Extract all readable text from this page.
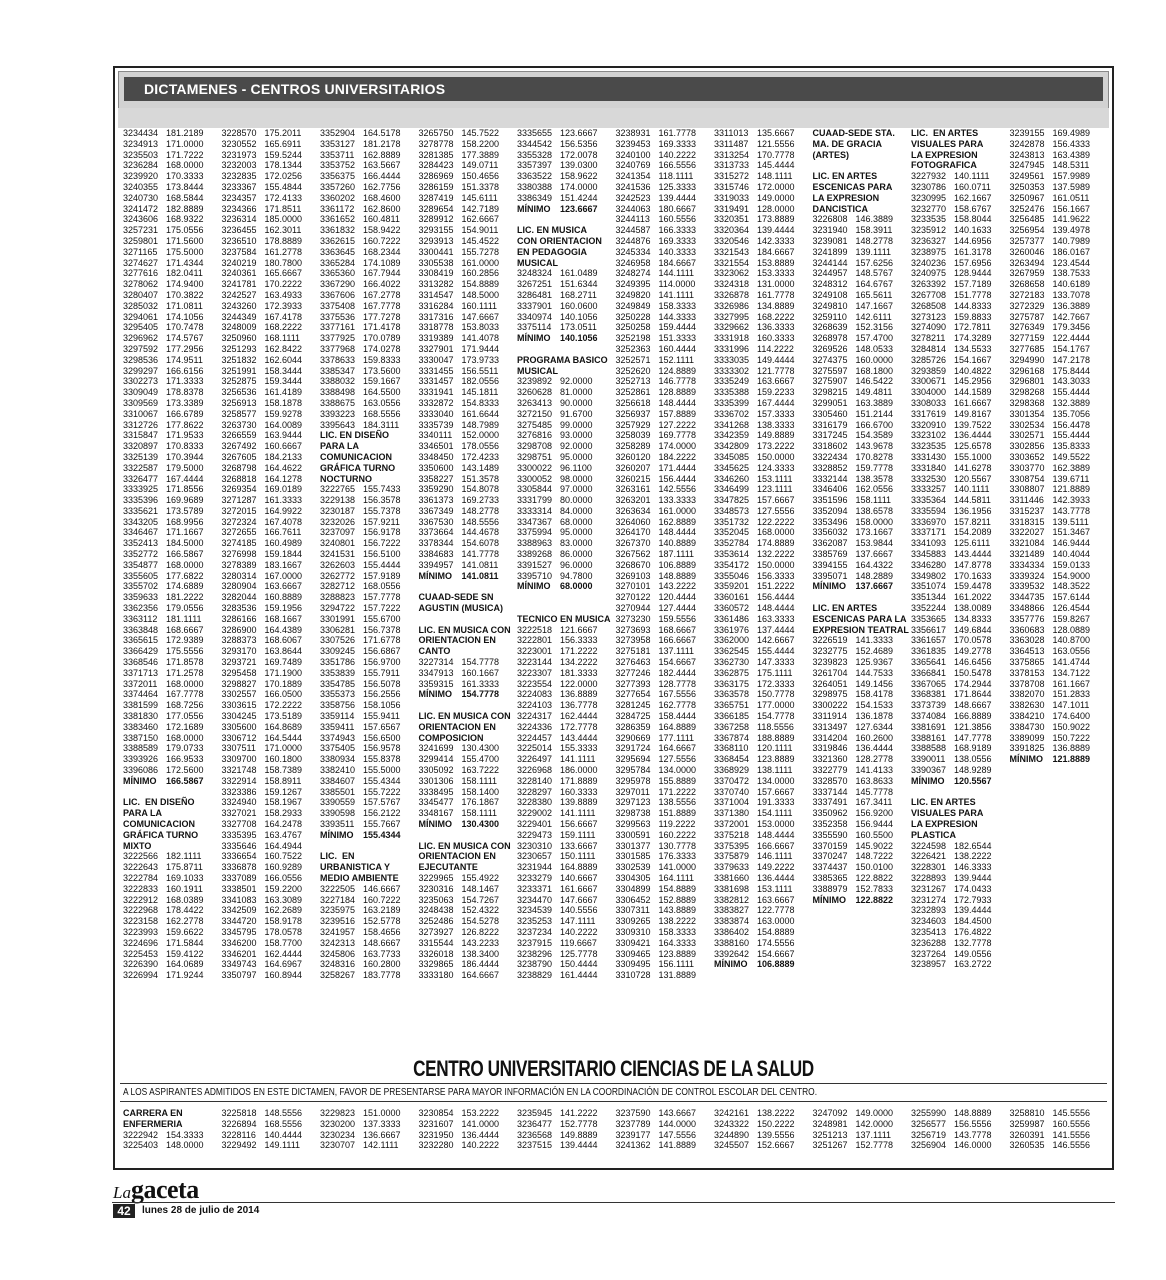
DICTAMENES - CENTROS UNIVERSITARIOS
3234434 181.2189
3234913 171.0000
3235503 171.7222
3236284 168.0000
3239920 170.3333
3240355 173.8444
3240730 168.5844
3241472 182.8889
3243606 168.9322
3257231 175.0556
3259801 171.5600
3271165 175.5000
3274627 171.4344
3277616 182.0411
3278062 174.9400
3280407 170.3822
3285032 171.0811
3294061 174.1056
3295405 170.7478
3296962 174.5767
3297592 177.2956
3298536 174.9511
3299297 166.6156
3302273 171.3333
3309049 178.8378
3309569 173.3389
3310067 166.6789
3312726 177.8622
3315847 171.9533
3320897 170.8333
3325139 170.3944
3322587 179.5000
3326477 167.4444
3333925 171.8556
3335396 169.9689
3335621 173.5789
3343205 168.9956
3346467 171.1667
3352413 184.5000
3352772 166.5867
3354877 168.0000
3355605 177.6822
3355702 174.6889
3359633 181.2222
3362356 179.0556
3363112 181.1111
3363848 168.6667
3365615 172.9389
3366429 175.5556
3368546 171.8578
3371713 171.2578
3372011 168.0000
3374464 167.7778
3381599 168.7256
3381830 177.0556
3383460 172.1689
3387150 168.0000
3388589 179.0733
3393926 166.9533
3396086 172.5600
MÍNIMO 166.5867

LIC.  EN DISEÑO
PARA LA
COMUNICACION
GRÁFICA TURNO
MIXTO
3222566 182.1111
3222643 175.8711
3222784 169.1033
3222833 160.1911
3222912 168.0389
3222968 178.4422
3223158 162.2778
3223993 159.6622
3224696 171.5844
3225453 159.4122
3226390 164.0689
3226994 171.9244
3228570 175.2011
3230552 165.6911
3231973 159.5244
3232003 178.1344
3232835 172.0256
3233367 155.4844
3234357 172.4133
3234366 171.8511
3236314 185.0000
3236455 162.3011
3236510 178.8889
3237584 161.2778
3240219 180.7800
3240361 165.6667
3241781 170.2222
3242527 163.4933
3243260 172.3933
3244349 167.4178
3248009 168.2222
3250960 168.1111
3251293 162.8422
3251832 162.6044
3251991 158.3444
3252875 159.3444
3256536 161.4189
3256913 158.1878
3258577 159.9278
3263730 164.0089
3266559 163.9444
3267492 160.6667
3267605 184.2133
3268798 164.4622
3268818 164.1278
3269354 169.0189
3271287 161.3333
3272015 164.9922
3272324 167.4078
3272655 166.7611
3274185 160.4989
3276998 159.1844
3278389 183.1667
3280314 167.0000
3280904 163.6667
3282044 160.8889
3283536 159.1956
3286166 168.1667
3286900 164.4389
3288373 168.6067
3293170 163.8644
3293721 169.7489
3295458 171.1900
3298827 170.1889
3302557 166.0500
3303615 172.2222
3304245 173.5189
3305600 164.8689
3306712 164.5444
3307511 171.0000
3309700 160.1800
3321748 158.7389
3322914 158.8911
3323386 159.1267
3324940 158.1967
3327021 158.2933
3327708 164.2478
3335395 163.4767
3335646 164.4944
3336654 160.7522
3336878 160.9289
3337089 166.0556
3338501 159.2200
3341083 163.3089
3342509 162.2689
3344720 158.9178
3345795 178.0578
3346200 158.7700
3346201 162.4444
3349743 164.6967
3350797 160.8944
3352904 164.5178
3353127 181.2178
3353711 162.8889
3353752 163.5667
3356375 166.4444
3357260 162.7756
3360202 168.4600
3361172 162.8600
3361652 160.4811
3361832 158.9422
3362615 160.7222
3363645 168.2344
3365284 174.1089
3365360 167.7944
3367290 166.4022
3367606 167.2778
3375408 167.7778
3375536 177.7278
3377161 171.4178
3377925 170.0789
3377968 174.0278
3378633 159.8333
3385347 173.5600
3388032 159.1667
3388498 164.5500
3388675 163.0556
3393223 168.5556
3395643 184.3111
LIC. EN DISEÑO
PARA LA
COMUNICACION
GRÁFICA TURNO
NOCTURNO
3222765 155.7433
3229138 156.3578
3230187 155.7378
3232026 157.9211
3237097 156.9178
3240801 156.7222
3241531 156.5100
3262603 155.4444
3262772 157.9189
3282712 168.0556
3288823 157.7778
3294722 157.7222
3301991 155.6700
3306281 156.7378
3307526 171.6778
3309245 156.6867
3351786 156.9700
3353839 155.7911
3354785 156.5078
3355373 156.2556
3358756 158.1056
3359114 155.9411
3359411 157.6567
3374943 156.6500
3375405 156.9578
3380934 155.8378
3382410 155.5000
3384607 155.4344
3385501 155.7222
3390559 157.5767
3390598 156.2122
3393511 155.7667
MÍNIMO 155.4344

LIC.  EN
URBANISTICA Y
MEDIO AMBIENTE
3222505 146.6667
3227184 160.7222
3235975 163.2189
3239516 152.5778
3241957 158.4656
3242313 148.6667
3245806 163.7733
3248316 160.2800
3258267 183.7778
3265750 145.7522
3278778 158.2200
3281385 177.3889
3284423 149.0711
3286969 150.4656
3286159 151.3378
3287419 145.6111
3289654 142.7189
3289912 162.6667
3293155 154.9011
3293913 145.4522
3300441 155.7278
3305538 161.0000
3308419 160.2856
3313282 154.8889
3314547 148.5000
3316284 160.1111
3317316 147.6667
3318778 153.8033
3319389 141.4078
3327901 171.9444
3330047 173.9733
3331455 156.5511
3331457 182.0556
3331941 145.1811
3332872 154.8333
3333040 161.6644
3335739 148.7989
3340111 152.0000
3346501 178.0556
3348450 172.4233
3350600 143.1489
3358227 151.3578
3359290 154.8078
3361373 169.2733
3367349 148.2778
3367530 148.5556
3373664 144.4678
3378344 154.6078
3384683 141.7778
3394957 141.0811
MÍNIMO 141.0811

CUAAD-SEDE SN
AGUSTIN (MUSICA)

LIC. EN MUSICA CON
ORIENTACION EN
CANTO
3227314 154.7778
3347913 160.1667
3359315 161.3333
MÍNIMO 154.7778

LIC. EN MUSICA CON
ORIENTACION EN
COMPOSICION
3241699 130.4300
3299414 155.4700
3305092 163.7222
3301306 158.1111
3338495 158.1400
3345477 176.1867
3348167 158.1111
MÍNIMO 130.4300

LIC. EN MUSICA CON
ORIENTACION EN
EJECUTANTE
3229965 155.4922
3230316 148.1467
3235063 154.7267
3248438 152.4322
3252486 154.5278
3273927 126.8222
3315544 143.2233
3326018 138.3400
3329865 186.4444
3333180 164.6667
3335655 123.6667
3344542 156.5356
3355328 172.0078
3357397 139.0300
3363522 158.9622
3380388 174.0000
3386349 151.4244
MÍNIMO 123.6667

LIC. EN MUSICA
CON ORIENTACION
EN PEDAGOGIA
MUSICAL
3248324 161.0489
3267251 151.6344
3286481 168.2711
3337901 160.0600
3340974 140.1056
3375114 173.0511
MÍNIMO 140.1056

PROGRAMA BASICO
MUSICAL
3239892 92.0000
3260628 81.0000
3263413 90.0000
3272150 91.6700
3275485 99.0000
3276816 93.0000
3298708 92.0000
3298751 95.0000
3300022 96.1100
3300052 98.0000
3305844 97.0000
3331799 80.0000
3333314 84.0000
3347367 68.0000
3375994 95.0000
3388963 83.0000
3389268 86.0000
3391527 96.0000
3395710 94.7800
MÍNIMO 68.0000

TECNICO EN MUSICA
3222518 121.6667
3222801 156.3333
3223001 171.2222
3223144 134.2222
3223307 181.3333
3223554 122.0000
3224083 136.8889
3224103 136.7778
3224317 162.4444
3224336 172.7778
3224457 143.4444
3225014 155.3333
3226497 141.1111
3226968 186.0000
3228140 171.8889
3228297 160.3333
3228380 139.8889
3229002 141.1111
3229401 156.6667
3229473 159.1111
3230310 133.6667
3230657 150.1111
3231944 164.8889
3233279 140.6667
3233371 161.6667
3234470 147.6667
3234539 140.5556
3235253 147.1111
3237234 140.2222
3237915 119.6667
3238296 125.7778
3238790 150.4444
3238829 161.4444
3238931 161.7778
3239453 169.3333
3240100 140.2222
3240769 166.5556
3241354 118.1111
3241536 125.3333
3242523 139.4444
3244063 180.6667
3244113 160.5556
3244587 166.3333
3244876 169.3333
3245334 140.3333
3246958 184.6667
3248274 144.1111
3249395 114.0000
3249820 141.1111
3249849 158.3333
3250228 144.3333
3250258 159.4444
3252198 151.3333
3252363 160.4444
3252571 152.1111
3252620 124.8889
3252713 146.7778
3252861 128.8889
3256618 148.4444
3256937 157.8889
3257929 127.2222
3258039 169.7778
3258289 174.0000
3260120 184.2222
3260207 171.4444
3260215 156.4444
3263161 142.5556
3263201 133.3333
3263634 161.0000
3264060 162.8889
3264170 148.4444
3267370 140.8889
3267562 187.1111
3268670 106.8889
3269103 148.8889
3270101 143.2222
3270122 120.4444
3270944 127.4444
3273230 159.5556
3273693 168.6667
3273958 166.6667
3275181 137.1111
3276463 154.6667
3277246 182.4444
3277393 128.7778
3277654 167.5556
3281245 162.7778
3284725 158.4444
3286359 164.8889
3290669 177.1111
3291724 164.6667
3295694 127.5556
3295784 134.0000
3295978 155.8889
3297011 171.2222
3297123 138.5556
3298738 151.8889
3299563 119.2222
3300591 160.2222
3301377 130.7778
3301585 176.3333
3302539 141.0000
3304305 164.1111
3304899 154.8889
3306452 152.8889
3307311 143.8889
3309265 138.2222
3309310 158.3333
3309421 164.3333
3309465 123.8889
3309495 156.1111
3310728 131.8889
3311013 135.6667
3311487 121.5556
3313254 170.7778
3313733 145.4444
3315272 148.1111
3315746 172.0000
3319033 149.0000
3319491 128.0000
3320351 173.8889
3320364 139.4444
3320546 142.3333
3321543 184.6667
3321554 153.8889
3323062 153.3333
3324318 131.0000
3326878 161.7778
3326986 134.8889
3327995 168.2222
3329662 136.3333
3331918 160.3333
3331996 114.2222
3333035 149.4444
3333302 121.7778
3335249 163.6667
3335388 159.2233
3335399 167.4444
3336702 157.3333
3341268 138.3333
3342359 149.8889
3342809 173.2222
3345085 150.0000
3345625 124.3333
3346260 153.1111
3346499 123.1111
3347825 157.6667
3348573 127.5556
3351732 122.2222
3352045 168.0000
3352784 174.8889
3353614 132.2222
3354172 150.0000
3355046 156.3333
3359201 151.2222
3360161 156.4444
3360572 148.4444
3361486 163.3333
3361976 137.4444
3362000 142.6667
3362545 155.4444
3362730 147.3333
3362875 175.1111
3363175 172.3333
3363578 150.7778
3365751 177.0000
3366185 154.7778
3367258 118.5556
3367874 188.8889
3368110 120.1111
3368454 123.8889
3368929 138.1111
3370472 134.0000
3370740 157.6667
3371004 191.3333
3371380 154.1111
3372001 153.0000
3375218 148.4444
3375395 166.6667
3375879 146.1111
3379633 149.2222
3381660 136.4444
3381698 153.1111
3382812 163.6667
3383827 122.7778
3383874 163.0000
3386402 154.8889
3388160 174.5556
3392642 154.6667
MÍNIMO 106.8889
CUAAD-SEDE STA.
MA. DE GRACIA
(ARTES)

LIC. EN ARTES
ESCENICAS PARA
LA EXPRESION
DANCISTICA
3226808 146.3889
3231940 158.3911
3239081 148.2778
3241899 139.1111
3244144 157.6256
3244957 148.5767
3248312 164.6767
3249108 165.5611
3249810 147.1667
3259110 142.6111
3268639 152.3156
3268978 157.4700
3269526 148.0533
3274375 160.0000
3275597 168.1800
3275907 146.5422
3298215 149.4811
3299051 163.3889
3305460 151.2144
3316179 166.6700
3317245 154.3589
3318602 143.9678
3322434 170.8278
3328852 159.7778
3332144 138.3578
3346406 162.0556
3351596 158.1111
3352094 138.6578
3353496 158.0000
3356032 173.1667
3362087 153.9844
3385769 137.6667
3394155 164.4322
3395071 148.2889
MÍNIMO 137.6667

LIC. EN ARTES
ESCENICAS PARA LA
EXPRESION TEATRAL
3226519 141.3333
3232775 152.4689
3239823 125.9367
3261704 144.7533
3264051 149.1456
3298975 158.4178
3300222 154.1533
3311914 136.1878
3313497 127.6344
3314204 160.2600
3319846 136.4444
3321360 128.2778
3322779 141.4133
3328570 163.8633
3337144 145.7778
3337491 167.3411
3350962 156.9200
3352358 156.9444
3355590 160.5500
3370159 145.9022
3370247 148.7222
3374437 150.0100
3385365 122.8822
3388979 152.7833
MÍNIMO 122.8822
LIC.  EN ARTES
VISUALES PARA
LA EXPRESION
FOTOGRAFICA
3227932 140.1111
3230786 160.0711
3230995 162.1667
3232770 158.6767
3233535 158.8044
3235912 140.1633
3236327 144.6956
3238975 161.3178
3240236 157.6956
3240975 128.9444
3263392 157.7189
3267708 151.7778
3268508 144.8333
3273123 159.8833
3274090 172.7811
3278211 174.3289
3284814 134.5533
3285726 154.1667
3293859 140.4822
3300671 145.2956
3304000 144.1589
3308033 161.6667
3317619 149.8167
3320910 139.7522
3323102 136.4444
3323535 125.6578
3331430 155.1000
3331840 141.6278
3332530 120.5567
3333257 140.1111
3335364 144.5811
3335594 136.1956
3336970 157.8211
3337171 154.2089
3341093 125.6111
3345883 143.4444
3346280 147.8778
3349802 170.1633
3351074 159.4478
3351344 161.2022
3352244 138.0089
3353665 134.8333
3356617 149.6844
3361657 170.0578
3361835 149.2778
3365641 146.6456
3366841 150.5478
3367065 174.2944
3368381 171.8644
3373739 148.6667
3374084 166.8889
3381691 121.3856
3388161 147.7778
3388588 168.9189
3390011 138.0556
3390367 148.9289
MÍNIMO 120.5567

LIC. EN ARTES
VISUALES PARA
LA EXPRESION
PLASTICA
3224598 182.6544
3226421 138.2222
3228301 146.3333
3228893 139.9444
3231267 174.0433
3231274 172.7933
3232893 139.4444
3234603 184.4500
3235413 176.4822
3236288 132.7778
3237264 149.0556
3238957 163.2722
3239155 169.4989
3242878 156.4333
3243813 163.4389
3247945 148.5311
3249561 157.9989
3250353 137.5989
3250967 161.0511
3252476 156.1667
3256485 141.9622
3256954 139.4978
3257377 140.7989
3260046 186.0167
3263494 123.4544
3267959 138.7533
3268658 140.6189
3272183 133.7078
3272329 136.3889
3275787 142.7667
3276349 179.3456
3277159 122.4444
3277685 154.1767
3294990 147.2178
3296168 175.8444
3296801 143.3033
3298268 155.4444
3298368 132.3889
3301354 135.7056
3302534 156.4478
3302571 155.4444
3302856 135.8333
3303652 149.5522
3303770 162.3889
3308754 139.6711
3308807 121.8889
3311446 142.3933
3315237 143.7778
3318315 139.5111
3322027 151.3467
3321084 146.9444
3321489 140.4044
3334334 159.0133
3339324 154.9000
3339532 148.3522
3344735 157.6144
3348866 126.4544
3357776 159.8267
3360683 128.0889
3363028 140.8700
3364513 163.0556
3375865 141.4744
3378153 134.7122
3378708 161.1667
3382070 151.2833
3382630 147.1011
3384210 174.6400
3384730 150.9022
3389099 150.7222
3391825 136.8889
MÍNIMO 121.8889
CENTRO UNIVERSITARIO CIENCIAS DE LA SALUD
A LOS ASPIRANTES ADMITIDOS EN ESTE DICTAMEN, FAVOR DE PRESENTARSE PARA MAYOR INFORMACIÓN EN LA COORDINACIÓN DE CONTROL ESCOLAR DEL CENTRO.
CARRERA EN
ENFERMERIA
3222942 154.3333
3225403 148.0000
3225818 148.5556
3226894 168.5556
3228116 140.4444
3229492 149.1111
3229823 151.0000
3230200 137.3333
3230234 136.6667
3230707 142.1111
3230854 153.2222
3231607 141.0000
3231950 136.4444
3232280 140.2222
3235945 141.2222
3236477 152.7778
3236568 149.8889
3237515 139.4444
3237590 143.6667
3237789 144.0000
3239177 147.5556
3241362 141.8889
3242161 138.2222
3243322 150.2222
3244890 139.5556
3245507 152.6667
3247092 149.0000
3248981 142.0000
3251213 137.1111
3251267 152.7778
3255990 148.8889
3256577 156.5556
3256719 143.7778
3256904 146.0000
3258810 145.5556
3259987 160.5556
3260391 141.5556
3260535 146.5556
Lagaceta
42	lunes 28 de julio de 2014
